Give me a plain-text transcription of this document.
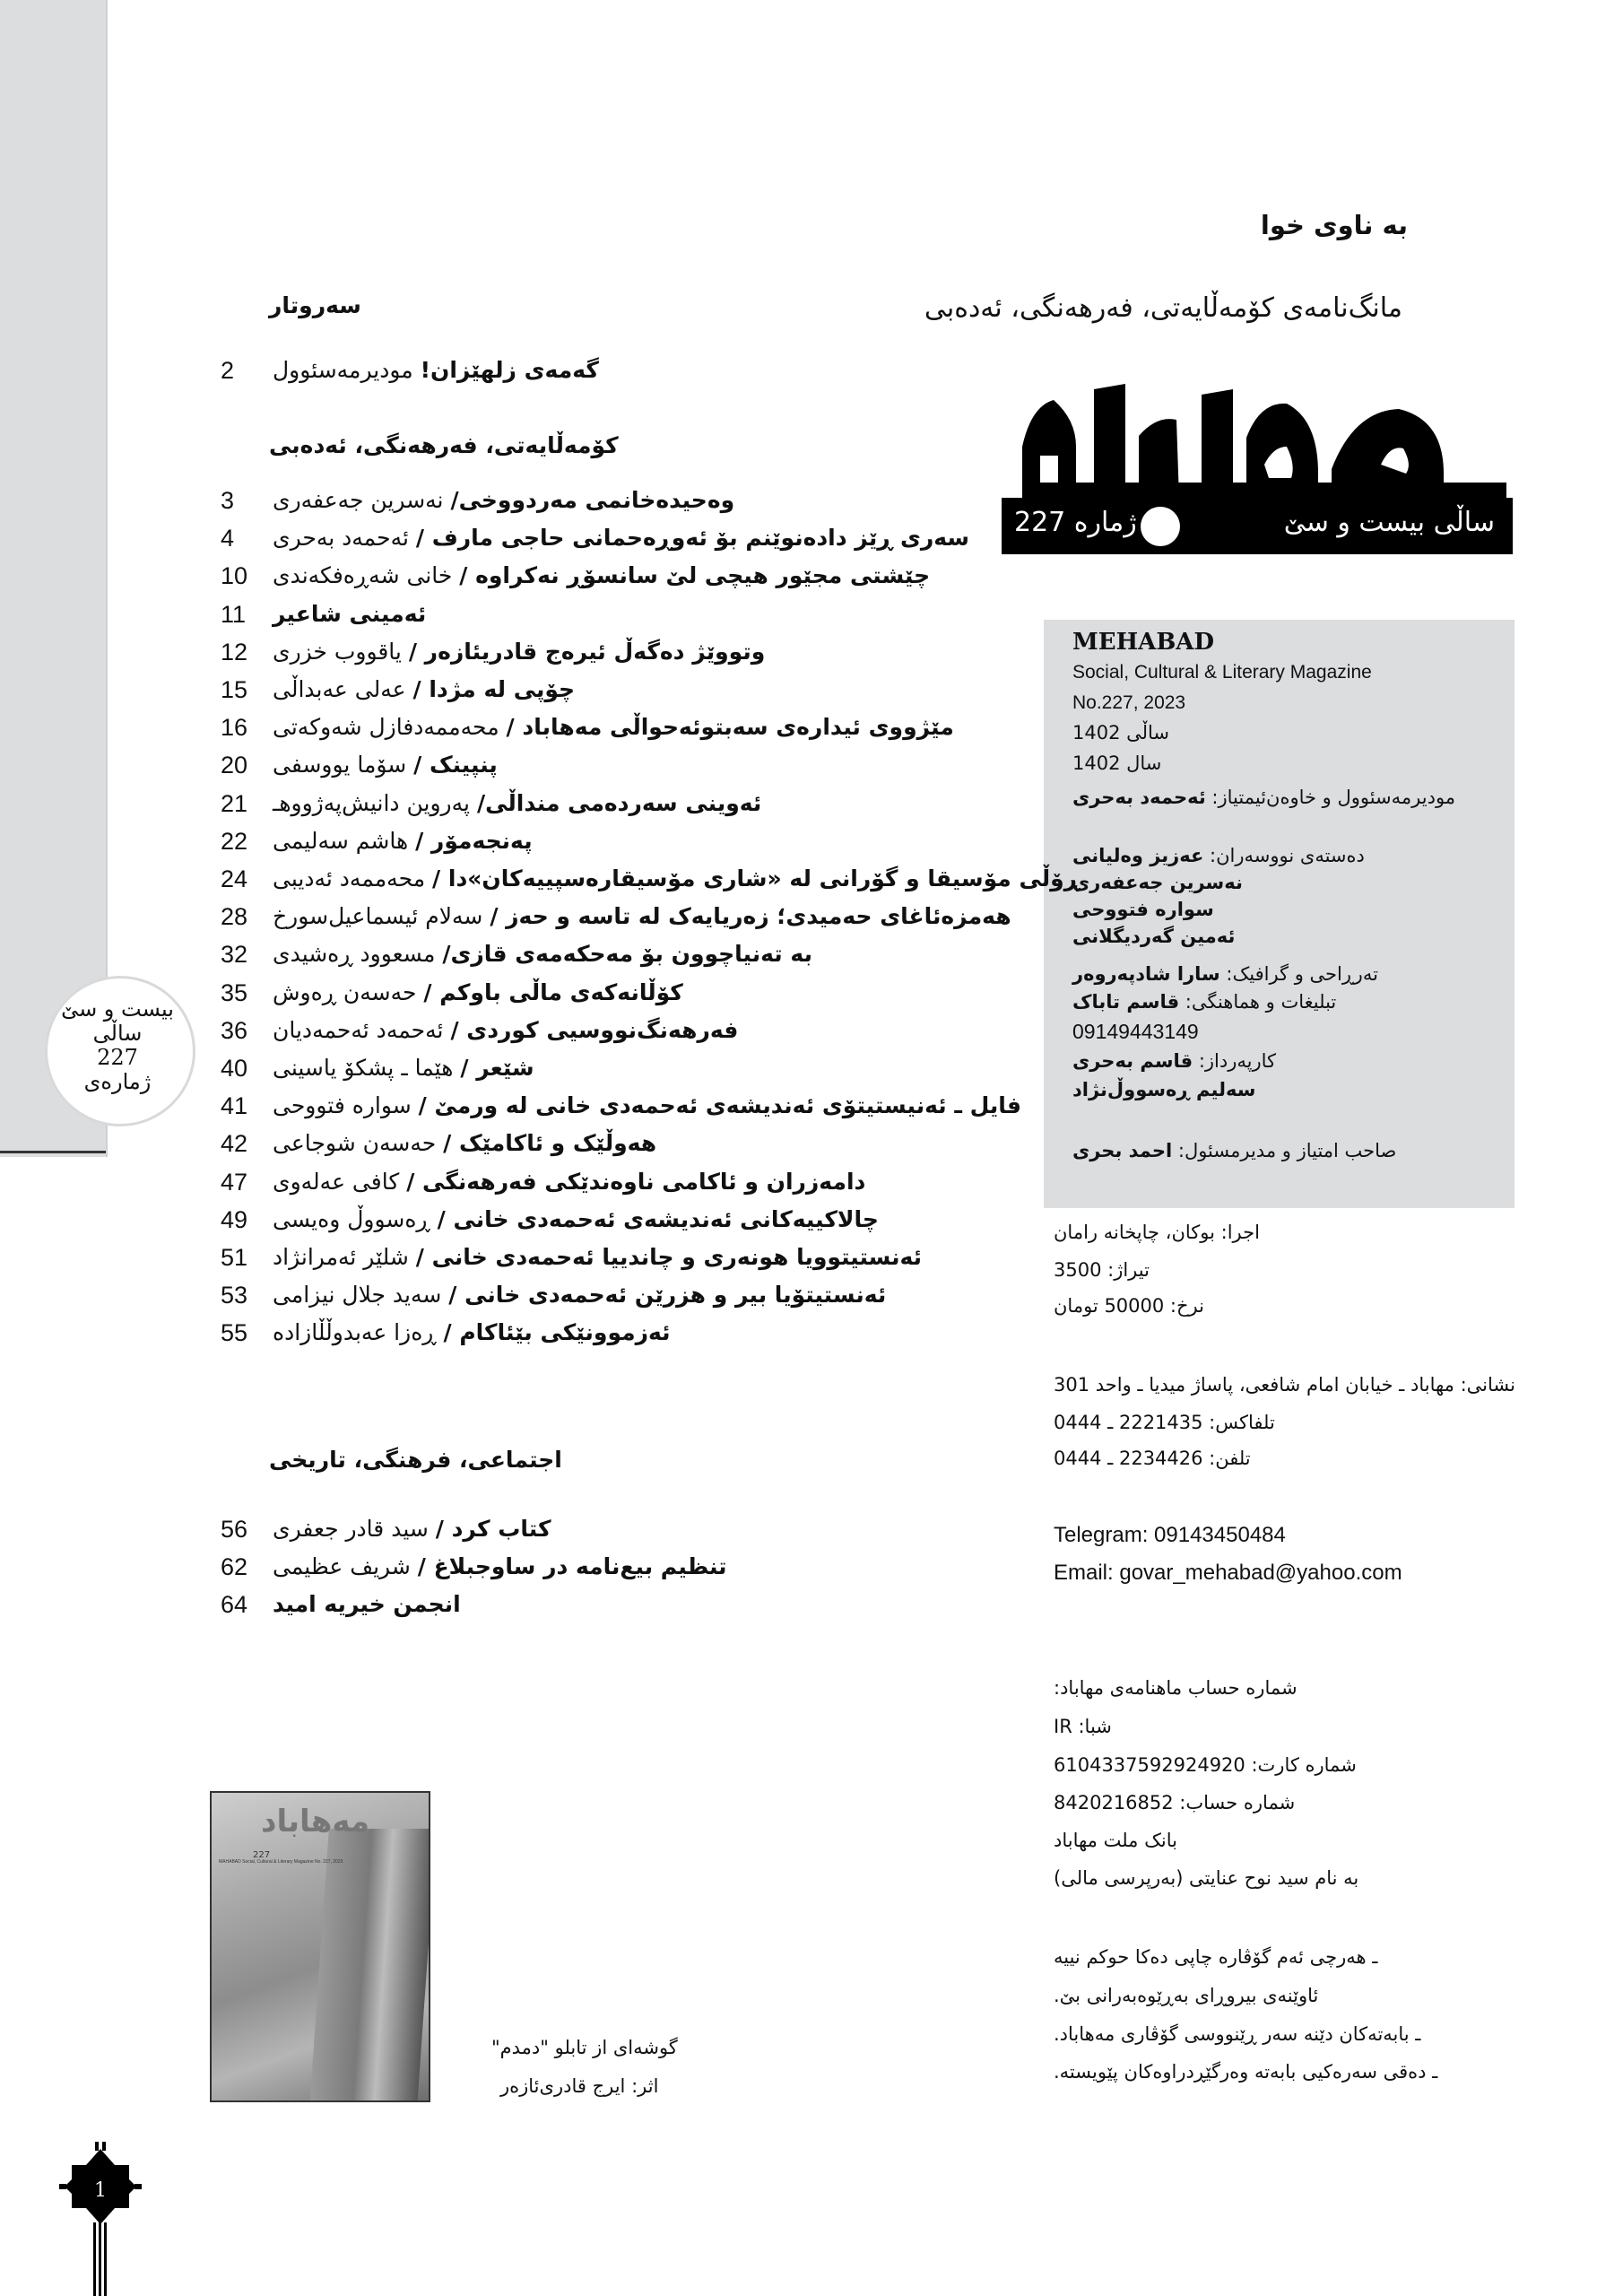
بیست و سێ
ساڵی
227
ژمارەی
به ناوی خوا
مانگ‌نامەی کۆمەڵایەتی، فەرهەنگی، ئەدەبی
ساڵی بیست و سێ
ژمارە 227
MEHABAD
Social, Cultural & Literary Magazine
No.227, 2023
ساڵی 1402
سال 1402
مودیرمەسئوول و خاوەن‌ئیمتیاز: ئەحمەد بەحری
دەستەی نووسەران: عەزیز وەلیانی
نەسرین جەعفەری
سوارە فتووحی
ئەمین گەردیگلانی
تەرڕاحی و گرافیک: سارا شادپەروەر
تبلیغات و هماهنگی: قاسم تاباک
09149443149
کارپەرداز: قاسم بەحری
سەلیم ڕەسووڵ‌نژاد
صاحب امتیاز و مدیرمسئول: احمد بحری
اجرا: بوکان، چاپخانه رامان
تیراژ: 3500
نرخ: 50000 تومان
نشانی: مهاباد ـ خیابان امام شافعی، پاساژ میدیا ـ واحد 301
تلفاکس: 2221435 ـ 0444
تلفن: 2234426 ـ 0444
Telegram: 09143450484
Email: govar_mehabad@yahoo.com
شماره حساب ماهنامەی مهاباد:
شبا: IR
شماره کارت: 6104337592924920
شماره حساب: 8420216852
بانک ملت مهاباد
به نام سید نوح عنایتی (بەرپرسی مالی)
ـ هەرچی ئەم گۆڤارە چاپی دەکا حوکم نییە
ئاوێنەی بیروڕای بەڕێوەبەرانی بێ.
ـ بابەتەکان دێنە سەر ڕێنووسی گۆڤاری مەهاباد.
ـ دەقی سەرەکیی بابەتە وەرگێڕدراوەکان پێویستە.
سەروتار
2	گەمەی زلهێزان! مودیرمەسئوول
کۆمەڵایەتی، فەرهەنگی، ئەدەبی
3	وەحیدەخانمی مەردووخی/ نەسرین جەعفەری
4	سەری ڕێز دادەنوێنم بۆ ئەوڕەحمانی حاجی مارف / ئەحمەد بەحری
10	چێشتی مجێور هیچی لێ سانسۆڕ نەکراوە / خانی شەڕەفکەندی
11 ئەمینی شاعیر
12	وتووێژ دەگەڵ ئیرەج قادریئازەر / یاقووب خزری
15	چۆپی لە مژدا / عەلی عەبداڵی
16	مێژووی ئیدارەی سەبتوئەحواڵی مەهاباد / محەممەدفازل شەوکەتی
20	پنپینک / سۆما یووسفی
21	ئەوینی سەردەمی منداڵی/ پەروین دانیش‌پەژووهـ
22	پەنجەمۆر / هاشم سەلیمی
24	ڕۆڵی مۆسیقا و گۆرانی لە «شاری مۆسیقارەسپییەکان»دا / محەممەد ئەدیبی
28	هەمزەئاغای حەمیدی؛ زەریایەک لە تاسە و حەز / سەلام ئیسماعیل‌سورخ
32	بە تەنیاچوون بۆ مەحکەمەی قازی/ مسعوود ڕەشیدی
35	کۆڵانەکەی ماڵی باوکم / حەسەن ڕەوش
36	فەرهەنگ‌نووسیی کوردی / ئەحمەد ئەحمەدیان
40	شێعر / هێما ـ پشکۆ یاسینی
41	فایل ـ ئەنیستیتۆی ئەندیشەی ئەحمەدی خانی لە ورمێ / سوارە فتووحی
42	هەوڵێک و ئاکامێک / حەسەن شوجاعی
47	دامەزران و ئاکامی ناوەندێکی فەرهەنگی / کافی عەلەوی
49	چالاکییەکانی ئەندیشەی ئەحمەدی خانی / ڕەسووڵ وەیسی
51	ئەنستیتوویا هونەری و چاندییا ئەحمەدی خانی / شلێر ئەمرانژاد
53	ئەنستیتۆیا بیر و هزرێن ئەحمەدی خانی / سەید جلال نیزامی
55	ئەزموونێکی بێئاکام / ڕەزا عەبدوڵڵازادە
اجتماعی، فرهنگی، تاریخی
56	کتاب کرد / سید قادر جعفری
62	تنظیم بیع‌نامه در ساوجبلاغ / شریف عظیمی
64 انجمن خیریه امید
مەهاباد
227
MAHABAD Social, Cultural & Literary Magazine No. 227, 2023
گوشه‌ای از تابلو "دمدم"
اثر: ایرج قادری‌ئازەر
1
